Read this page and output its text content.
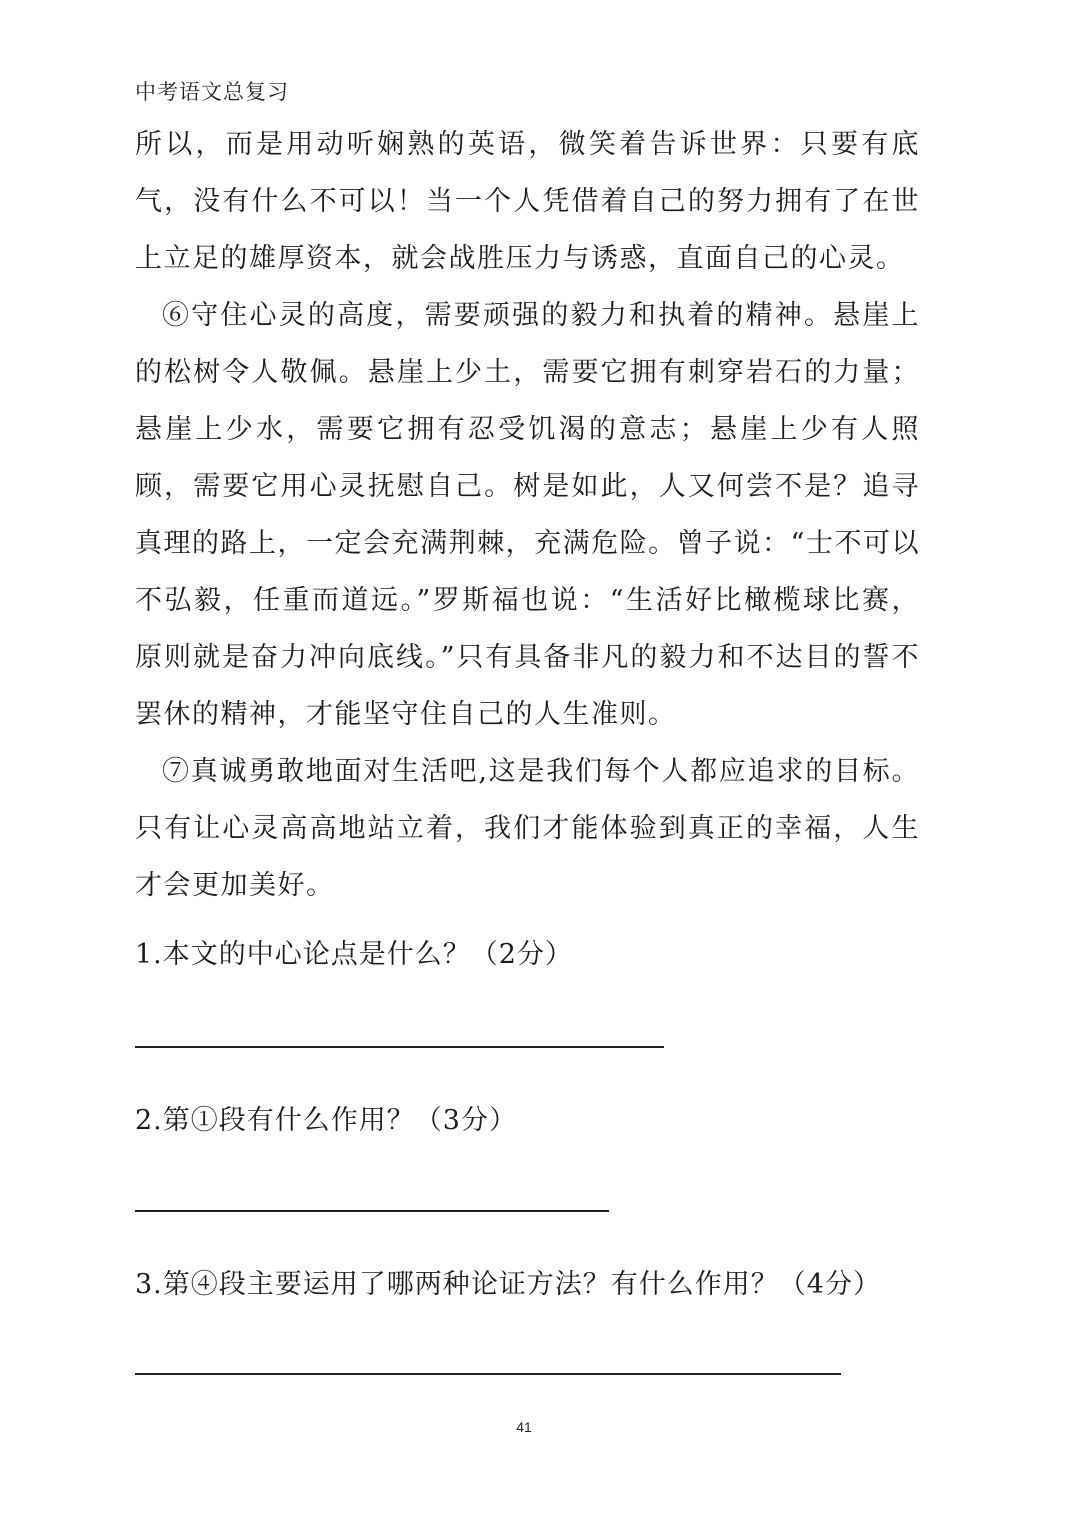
中考语文总复习

所以，而是用动听娴熟的英语，微笑着告诉世界：只要有底气，没有什么不可以！当一个人凭借着自己的努力拥有了在世上立足的雄厚资本，就会战胜压力与诱惑，直面自己的心灵。

⑥守住心灵的高度，需要顽强的毅力和执着的精神。悬崖上的松树令人敬佩。悬崖上少土，需要它拥有刺穿岩石的力量；悬崖上少水，需要它拥有忍受饥渴的意志；悬崖上少有人照顾，需要它用心灵抚慰自己。树是如此，人又何尝不是？追寻真理的路上，一定会充满荆棘，充满危险。曾子说：“士不可以不弘毅，任重而道远。”罗斯福也说：“生活好比橄榄球比赛，原则就是奋力冲向底线。”只有具备非凡的毅力和不达目的誓不罢休的精神，才能坚守住自己的人生准则。

⑦真诚勇敢地面对生活吧,这是我们每个人都应追求的目标。只有让心灵高高地站立着，我们才能体验到真正的幸福，人生才会更加美好。

1.本文的中心论点是什么？（2分）
2.第①段有什么作用？（3分）
3.第④段主要运用了哪两种论证方法？有什么作用？（4分）
41
